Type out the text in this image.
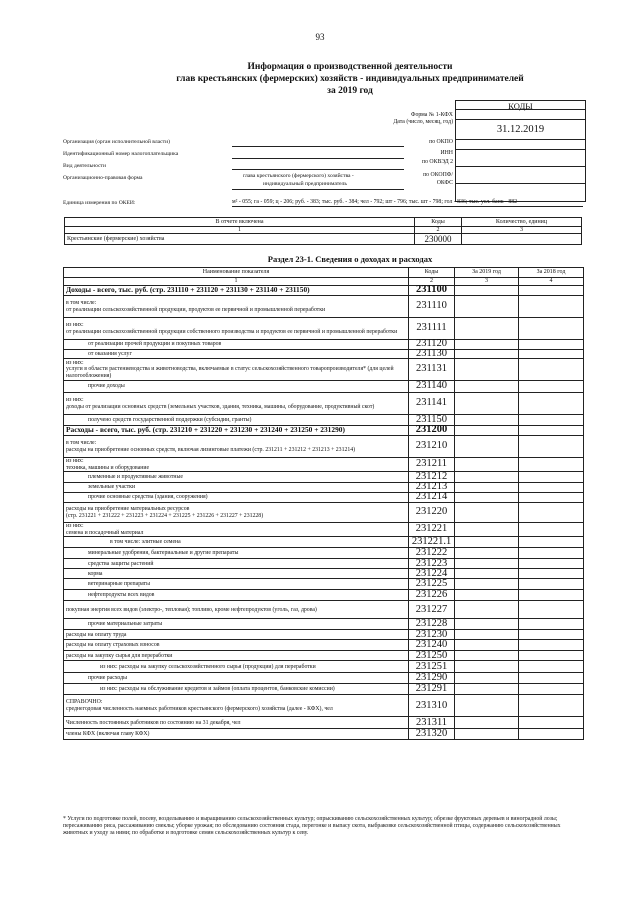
93
Информация о производственной деятельности
глав крестьянских (фермерских) хозяйств - индивидуальных предпринимателей
за 2019 год
КОДЫ
31.12.2019
Форма № 1-КФХ
Дата (число, месяц, год)
по ОКПО
ИНН
по ОКВЭД 2
по ОКОПФ/ ОКФС
Организация (орган исполнительной власти)
Идентификационный номер налогоплательщика
Вид деятельности
Организационно-правовая форма	глава крестьянского (фермерского) хозяйства -
индивидуальный предприниматель
Единица измерения по ОКЕИ:	м² - 055; га - 059; ц - 206; руб. - 383; тыс. руб. - 384; чел - 792; шт - 796; тыс. шт - 798; гол - 836; тыс. усл. банк - 882
В отчете включена	Коды	Количество, единиц
1	2	3
Крестьянские (фермерские) хозяйства	230000	
Раздел 23-1. Сведения о доходах и расходах
Наименование показателя	Коды	За 2019 год	За 2018 год
1	2	3	4
Доходы - всего, тыс. руб. (стр. 231110 + 231120 + 231130 + 231140 + 231150)	231100		
в том числе:
от реализации сельскохозяйственной продукции, продуктов ее первичной и промышленной переработки	231110		
из них:
от реализации сельскохозяйственной продукции собственного производства и продуктов ее первичной и промышленной переработки	231111		
от реализации прочей продукции и покупных товаров	231120		
от оказания услуг	231130		
из них:
услуги в области растениеводства и животноводства, включаемые в статус сельскохозяйственного товаропроизводителя* (для целей налогообложения)	231131		
прочие доходы	231140		
из них:
доходы от реализации основных средств (земельных участков, здания, техника, машины, оборудование, продуктивный скот)	231141		
получено средств государственной поддержки (субсидии, гранты)	231150		
Расходы - всего, тыс. руб. (стр. 231210 + 231220 + 231230 + 231240 + 231250 + 231290)	231200		
в том числе:
расходы на приобретение основных средств, включая лизинговые платежи (стр. 231211 + 231212 + 231213 + 231214)	231210		
из них:
техника, машины и оборудование	231211		
племенные и продуктивные животные	231212		
земельные участки	231213		
прочие основные средства (здания, сооружения)	231214		
расходы на приобретение материальных ресурсов
(стр. 231221 + 231222 + 231223 + 231224 + 231225 + 231226 + 231227 + 231228)	231220		
из них:
семена и посадочный материал	231221		
в том числе: элитные семена	231221.1		
минеральные удобрения, бактериальные и другие препараты	231222		
средства защиты растений	231223		
корма	231224		
ветеринарные препараты	231225		
нефтепродукты всех видов	231226		
покупная энергия всех видов (электро-, тепловая); топливо, кроме нефтепродуктов (уголь, газ, дрова)	231227		
прочие материальные затраты	231228		
расходы на оплату труда	231230		
расходы на оплату страховых взносов	231240		
расходы на закупку сырья для переработки	231250		
из них: расходы на закупку сельскохозяйственного сырья (продукции) для переработки	231251		
прочие расходы	231290		
из них: расходы на обслуживание кредитов и займов (оплата процентов, банковские комиссии)	231291		
СПРАВОЧНО:
среднегодовая численность наемных работников крестьянского (фермерского) хозяйства (далее - КФХ), чел	231310		
Численность постоянных работников по состоянию на 31 декабря, чел	231311		
члены КФХ (включая главу КФХ)	231320		
* Услуги по подготовке полей, посеву, возделыванию и выращиванию сельскохозяйственных культур; опрыскиванию сельскохозяйственных культур; обрезке фруктовых деревьев и виноградной лозы; пересаживанию риса, рассаживанию свеклы; уборке урожая; по обследованию состояния стада, перегонке и выпасу скота, выбраковке сельскохозяйственной птицы, содержанию сельскохозяйственных животных и уходу за ними; по обработке и подготовке семян сельскохозяйственных культур к севу.
